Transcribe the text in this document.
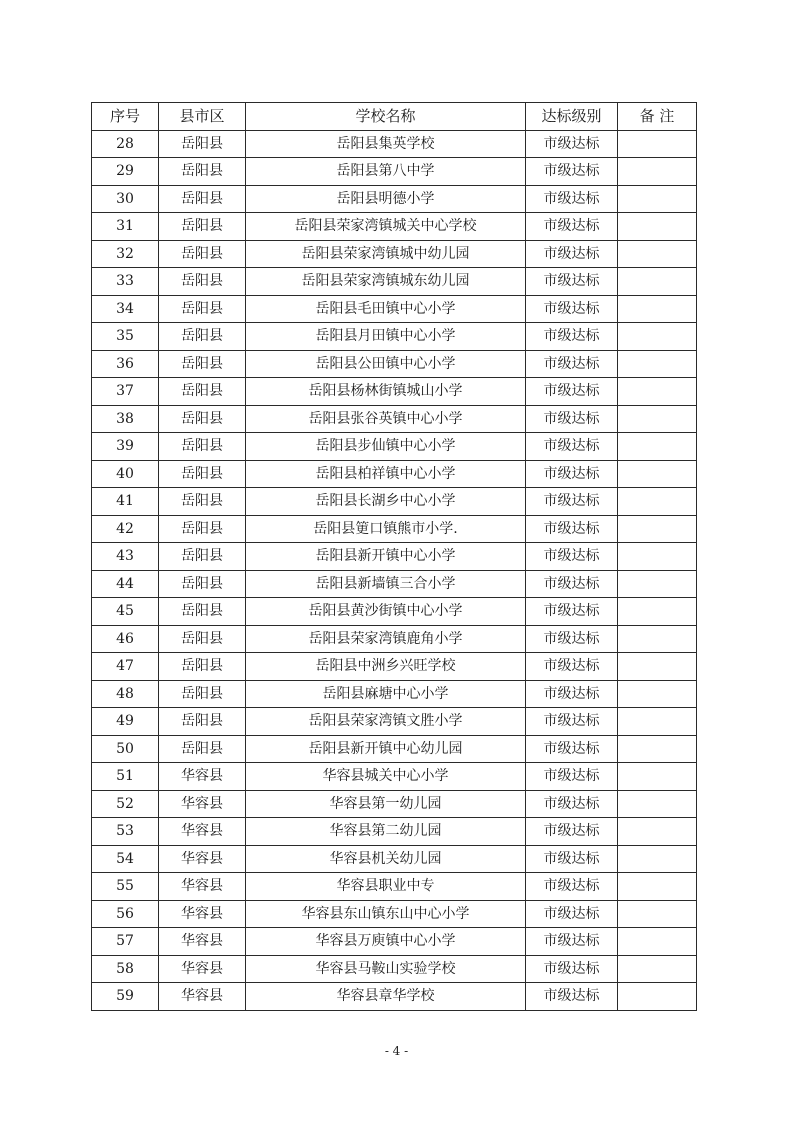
序号	县市区	学校名称	达标级别	备 注
28	岳阳县	岳阳县集英学校	市级达标	
29	岳阳县	岳阳县第八中学	市级达标	
30	岳阳县	岳阳县明德小学	市级达标	
31	岳阳县	岳阳县荣家湾镇城关中心学校	市级达标	
32	岳阳县	岳阳县荣家湾镇城中幼儿园	市级达标	
33	岳阳县	岳阳县荣家湾镇城东幼儿园	市级达标	
34	岳阳县	岳阳县毛田镇中心小学	市级达标	
35	岳阳县	岳阳县月田镇中心小学	市级达标	
36	岳阳县	岳阳县公田镇中心小学	市级达标	
37	岳阳县	岳阳县杨林街镇城山小学	市级达标	
38	岳阳县	岳阳县张谷英镇中心小学	市级达标	
39	岳阳县	岳阳县步仙镇中心小学	市级达标	
40	岳阳县	岳阳县柏祥镇中心小学	市级达标	
41	岳阳县	岳阳县长湖乡中心小学	市级达标	
42	岳阳县	岳阳县筻口镇熊市小学.	市级达标	
43	岳阳县	岳阳县新开镇中心小学	市级达标	
44	岳阳县	岳阳县新墙镇三合小学	市级达标	
45	岳阳县	岳阳县黄沙街镇中心小学	市级达标	
46	岳阳县	岳阳县荣家湾镇鹿角小学	市级达标	
47	岳阳县	岳阳县中洲乡兴旺学校	市级达标	
48	岳阳县	岳阳县麻塘中心小学	市级达标	
49	岳阳县	岳阳县荣家湾镇文胜小学	市级达标	
50	岳阳县	岳阳县新开镇中心幼儿园	市级达标	
51	华容县	华容县城关中心小学	市级达标	
52	华容县	华容县第一幼儿园	市级达标	
53	华容县	华容县第二幼儿园	市级达标	
54	华容县	华容县机关幼儿园	市级达标	
55	华容县	华容县职业中专	市级达标	
56	华容县	华容县东山镇东山中心小学	市级达标	
57	华容县	华容县万庾镇中心小学	市级达标	
58	华容县	华容县马鞍山实验学校	市级达标	
59	华容县	华容县章华学校	市级达标	
- 4 -
